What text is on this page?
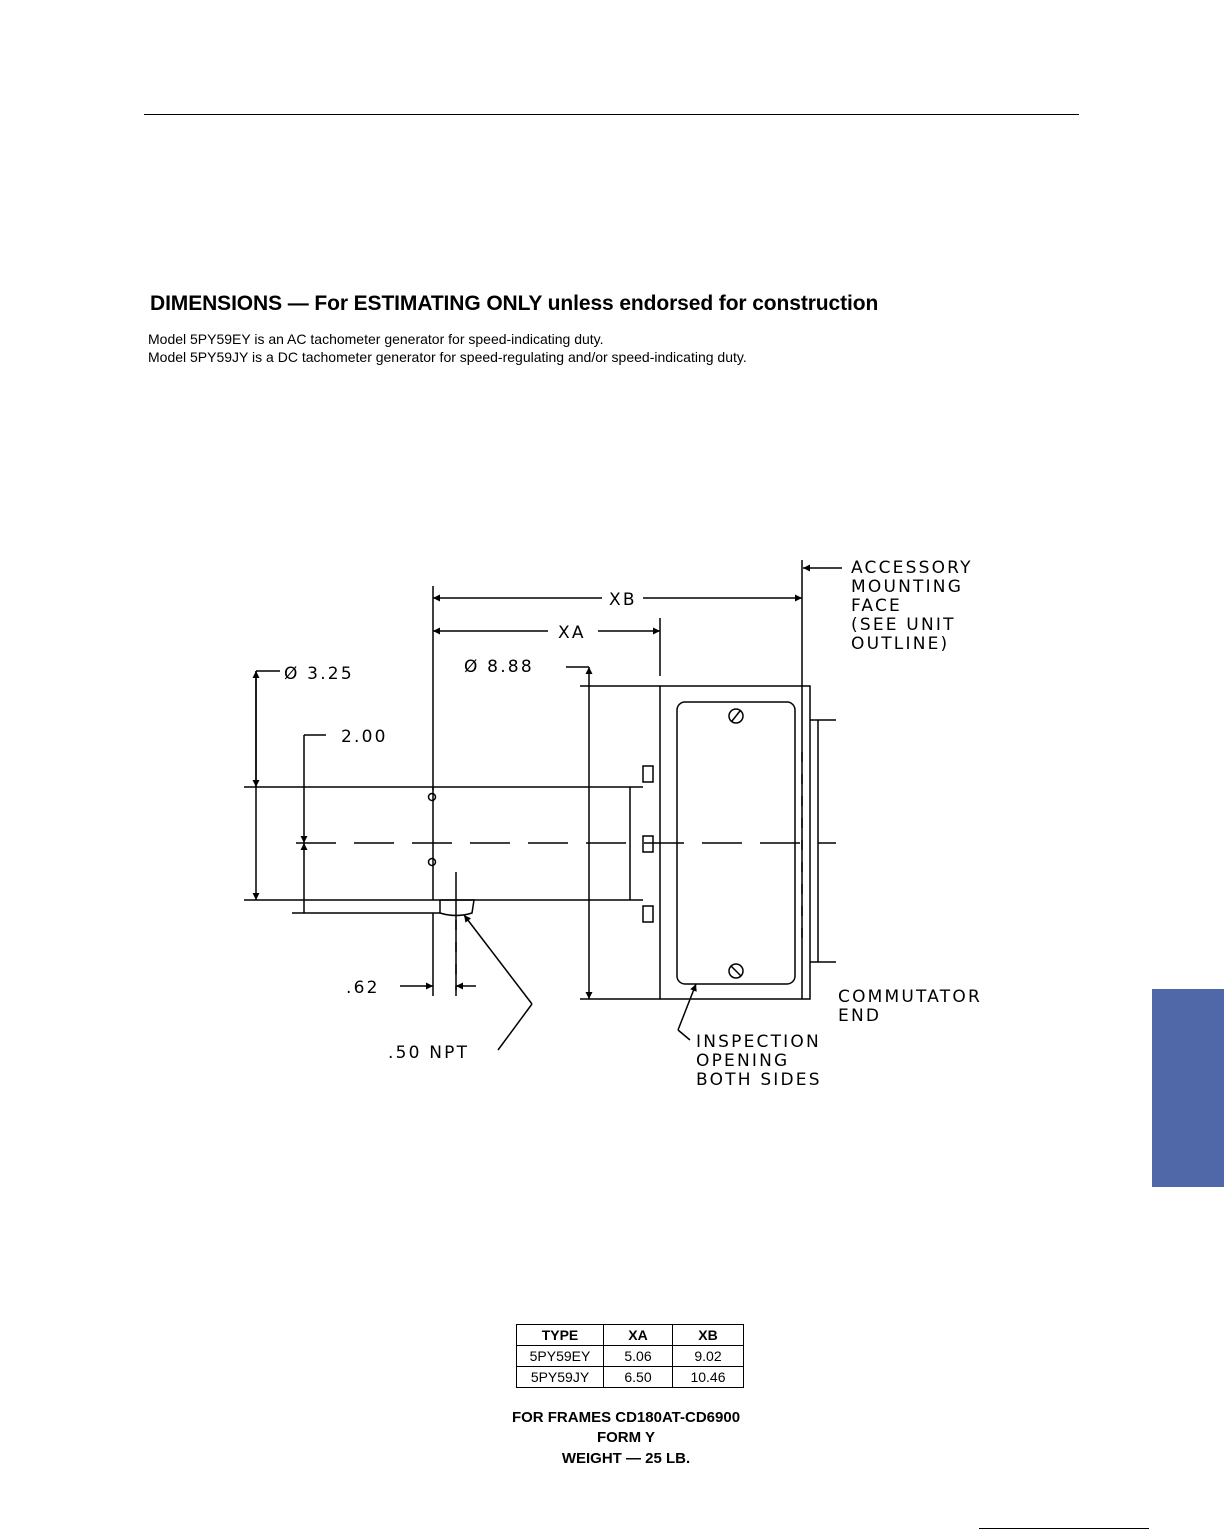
DIMENSIONS — For ESTIMATING ONLY unless endorsed for construction
Model 5PY59EY is an AC tachometer generator for speed-indicating duty.
Model 5PY59JY is a DC tachometer generator for speed-regulating and/or speed-indicating duty.
XB
XA
Ø 3.25	Ø 8.88
2.00
.62
.50 NPT
ACCESSORY
MOUNTING
FACE
(SEE UNIT
OUTLINE)
COMMUTATOR
END
INSPECTION
OPENING
BOTH SIDES
TYPE	XA	XB
5PY59EY	5.06	9.02
5PY59JY	6.50	10.46
FOR FRAMES CD180AT-CD6900
FORM Y
WEIGHT — 25 LB.
